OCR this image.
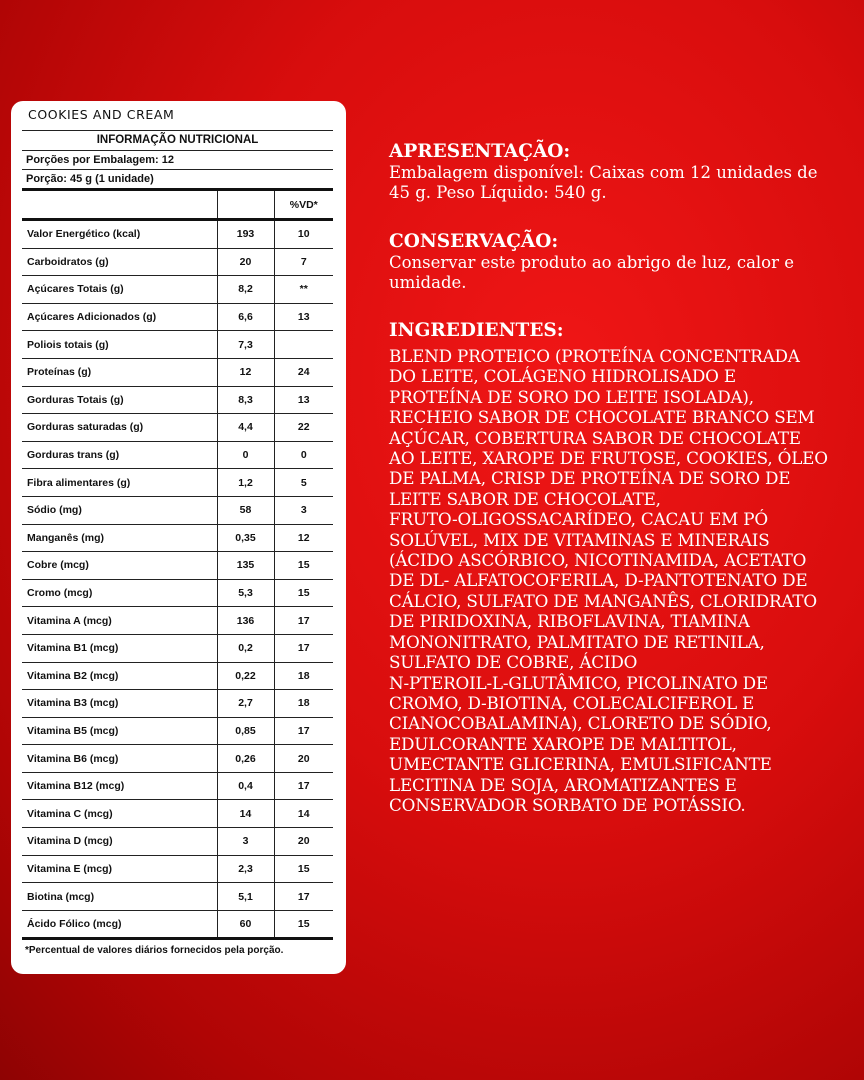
COOKIES AND CREAM
INFORMAÇÃO NUTRICIONAL
Porções por Embalagem: 12
Porção: 45 g (1 unidade)
		%VD*
Valor Energético (kcal)	193	10
Carboidratos (g)	20	7
Açúcares Totais (g)	8,2	**
Açúcares Adicionados (g)	6,6	13
Poliois totais (g)	7,3	
Proteínas (g)	12	24
Gorduras Totais (g)	8,3	13
Gorduras saturadas (g)	4,4	22
Gorduras trans (g)	0	0
Fibra alimentares (g)	1,2	5
Sódio (mg)	58	3
Manganês (mg)	0,35	12
Cobre (mcg)	135	15
Cromo (mcg)	5,3	15
Vitamina A (mcg)	136	17
Vitamina B1 (mcg)	0,2	17
Vitamina B2 (mcg)	0,22	18
Vitamina B3 (mcg)	2,7	18
Vitamina B5 (mcg)	0,85	17
Vitamina B6 (mcg)	0,26	20
Vitamina B12 (mcg)	0,4	17
Vitamina C (mcg)	14	14
Vitamina D (mcg)	3	20
Vitamina E (mcg)	2,3	15
Biotina (mcg)	5,1	17
Ácido Fólico (mcg)	60	15
*Percentual de valores diários fornecidos pela porção.
APRESENTAÇÃO:
Embalagem disponível: Caixas com 12 unidades de
45 g. Peso Líquido: 540 g.
CONSERVAÇÃO:
Conservar este produto ao abrigo de luz, calor e
umidade.
INGREDIENTES:
BLEND PROTEICO (PROTEÍNA CONCENTRADA
DO LEITE, COLÁGENO HIDROLISADO E
PROTEÍNA DE SORO DO LEITE ISOLADA),
RECHEIO SABOR DE CHOCOLATE BRANCO SEM
AÇÚCAR, COBERTURA SABOR DE CHOCOLATE
AO LEITE, XAROPE DE FRUTOSE, COOKIES, ÓLEO
DE PALMA, CRISP DE PROTEÍNA DE SORO DE
LEITE SABOR DE CHOCOLATE,
FRUTO-OLIGOSSACARÍDEO, CACAU EM PÓ
SOLÚVEL, MIX DE VITAMINAS E MINERAIS
(ÁCIDO ASCÓRBICO, NICOTINAMIDA, ACETATO
DE DL- ALFATOCOFERILA, D-PANTOTENATO DE
CÁLCIO, SULFATO DE MANGANÊS, CLORIDRATO
DE PIRIDOXINA, RIBOFLAVINA, TIAMINA
MONONITRATO, PALMITATO DE RETINILA,
SULFATO DE COBRE, ÁCIDO
N-PTEROIL-L-GLUTÂMICO, PICOLINATO DE
CROMO, D-BIOTINA, COLECALCIFEROL E
CIANOCOBALAMINA), CLORETO DE SÓDIO,
EDULCORANTE XAROPE DE MALTITOL,
UMECTANTE GLICERINA, EMULSIFICANTE
LECITINA DE SOJA, AROMATIZANTES E
CONSERVADOR SORBATO DE POTÁSSIO.
